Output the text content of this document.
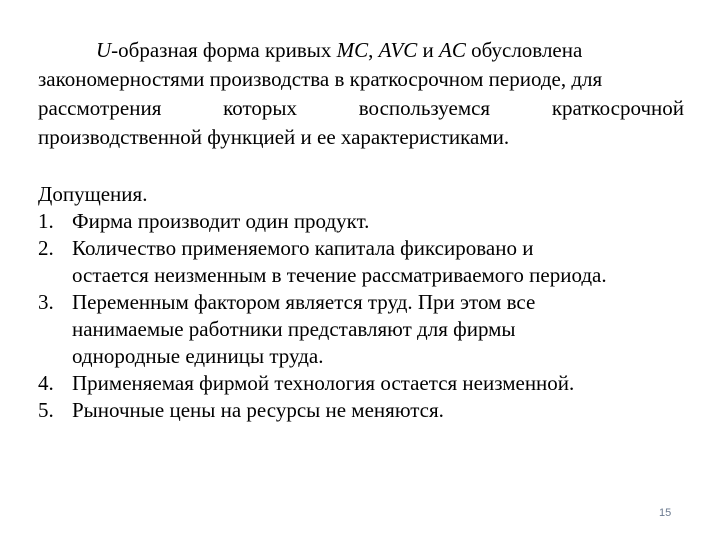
U-образная форма кривых MC, AVC и AC обусловлена
закономерностями производства в краткосрочном периоде, для
рассмотрения	которых	воспользуемся	краткосрочной
производственной функцией и ее характеристиками.
Допущения.
1. Фирма производит один продукт.
2. Количество применяемого капитала фиксировано и
остается неизменным в течение рассматриваемого периода.
3. Переменным фактором является труд. При этом все
нанимаемые работники представляют для фирмы
однородные единицы труда.
4. Применяемая фирмой технология остается неизменной.
5. Рыночные цены на ресурсы не меняются.
15
